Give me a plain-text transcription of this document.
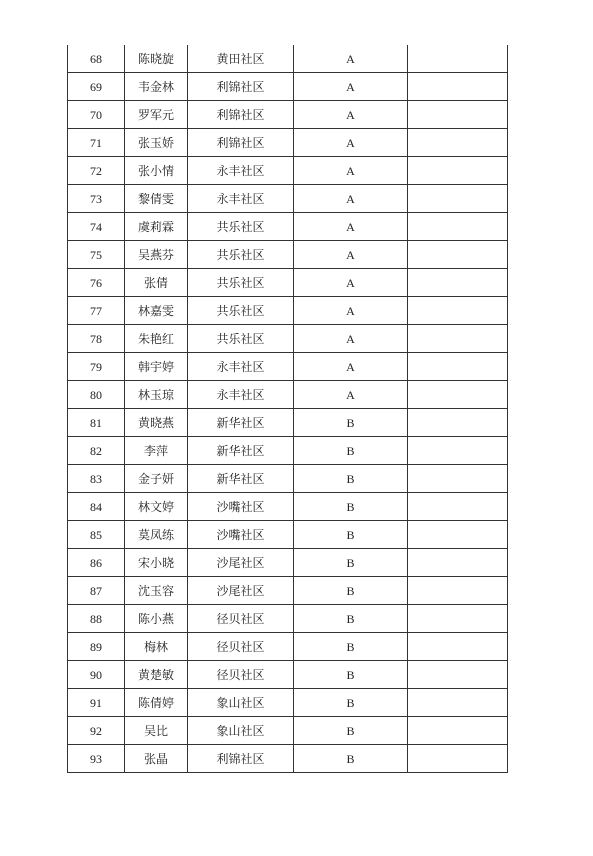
68	陈晓旋	黄田社区	A	
69	韦金林	利锦社区	A	
70	罗军元	利锦社区	A	
71	张玉娇	利锦社区	A	
72	张小情	永丰社区	A	
73	黎倩雯	永丰社区	A	
74	虞莉霖	共乐社区	A	
75	吴燕芬	共乐社区	A	
76	张倩	共乐社区	A	
77	林嘉雯	共乐社区	A	
78	朱艳红	共乐社区	A	
79	韩宇婷	永丰社区	A	
80	林玉琼	永丰社区	A	
81	黄晓燕	新华社区	B	
82	李萍	新华社区	B	
83	金子妍	新华社区	B	
84	林文婷	沙嘴社区	B	
85	莫凤练	沙嘴社区	B	
86	宋小晓	沙尾社区	B	
87	沈玉容	沙尾社区	B	
88	陈小燕	径贝社区	B	
89	梅林	径贝社区	B	
90	黄楚敏	径贝社区	B	
91	陈倩婷	象山社区	B	
92	吴比	象山社区	B	
93	张晶	利锦社区	B	
